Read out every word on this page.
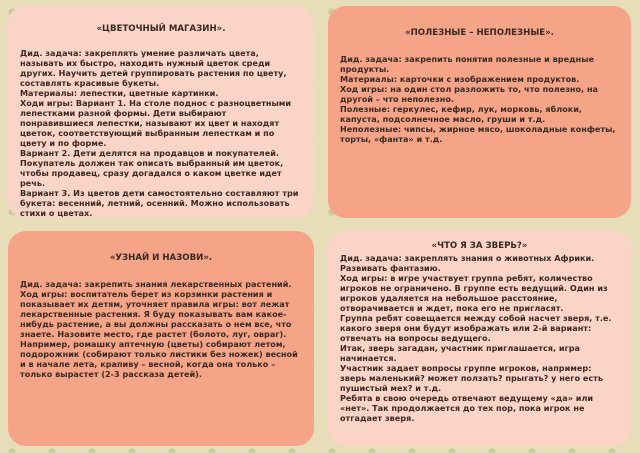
«ЦВЕТОЧНЫЙ МАГАЗИН».

Дид. задача: закреплять умение различать цвета, называть их быстро, находить нужный цветок среди других. Научить детей группировать растения по цвету, составлять красивые букеты.

Материалы: лепестки, цветные картинки.

Ходи игры: Вариант 1. На столе поднос с разноцветными лепестками разной формы. Дети выбирают понравившиеся лепестки, называют их цвет и находят цветок, соответствующий выбранным лепесткам и по цвету и по форме.

Вариант 2. Дети делятся на продавцов и покупателей. Покупатель должен так описать выбранный им цветок, чтобы продавец, сразу догадался о каком цветке идет речь.

Вариант 3. Из цветов дети самостоятельно составляют три букета: весенний, летний, осенний. Можно использовать стихи о цветах.

«ПОЛЕЗНЫЕ – НЕПОЛЕЗНЫЕ».

Дид. задача: закрепить понятия полезные и вредные продукты.

Материалы: карточки с изображением продуктов.

Ход игры: на один стол разложить то, что полезно, на другой – что неполезно.

Полезные: геркулес, кефир, лук, морковь, яблоки, капуста, подсолнечное масло, груши и т.д.

Неполезные: чипсы, жирное мясо, шоколадные конфеты, торты, «фанта» и т.д.

«УЗНАЙ И НАЗОВИ».

Дид. задача: закрепить знания лекарственных растений.

Ход игры: воспитатель берет из корзинки растения и показывает их детям, уточняет правила игры: вот лежат лекарственные растения. Я буду показывать вам какое-нибудь растение, а вы должны рассказать о нем все, что знаете. Назовите место, где растет (болото, луг, овраг).

Например, ромашку аптечную (цветы) собирают летом, подорожник (собирают только листики без ножек) весной и в начале лета, крапиву – весной, когда она только – только вырастет (2-3 рассказа детей).

«ЧТО Я ЗА ЗВЕРЬ?»

Дид. задача: закреплять знания о животных Африки. Развивать фантазию.

Ход игры: в игре участвует группа ребят, количество игроков не ограничено. В группе есть ведущий. Один из игроков удаляется на небольшое расстояние, отворачивается и ждет, пока его не пригласят.

Группа ребят совещается между собой насчет зверя, т.е. какого зверя они будут изображать или 2-й вариант: отвечать на вопросы ведущего.

Итак, зверь загадан, участник приглашается, игра начинается.

Участник задает вопросы группе игроков, например: зверь маленький? может ползать? прыгать? у него есть пушистый мех? и т.д.

Ребята в свою очередь отвечают ведущему «да» или «нет». Так продолжается до тех пор, пока игрок не отгадает зверя.
